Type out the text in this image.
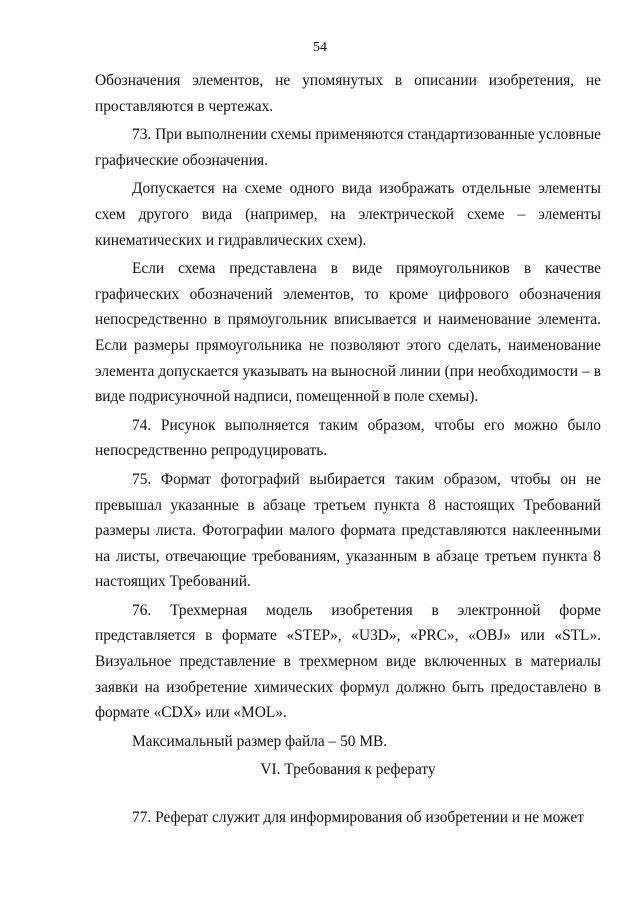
54

Обозначения элементов, не упомянутых в описании изобретения, не проставляются в чертежах.

73. При выполнении схемы применяются стандартизованные условные графические обозначения.

Допускается на схеме одного вида изображать отдельные элементы схем другого вида (например, на электрической схеме – элементы кинематических и гидравлических схем).

Если схема представлена в виде прямоугольников в качестве графических обозначений элементов, то кроме цифрового обозначения непосредственно в прямоугольник вписывается и наименование элемента. Если размеры прямоугольника не позволяют этого сделать, наименование элемента допускается указывать на выносной линии (при необходимости – в виде подрисуночной надписи, помещенной в поле схемы).

74. Рисунок выполняется таким образом, чтобы его можно было непосредственно репродуцировать.

75. Формат фотографий выбирается таким образом, чтобы он не превышал указанные в абзаце третьем пункта 8 настоящих Требований размеры листа. Фотографии малого формата представляются наклеенными на листы, отвечающие требованиям, указанным в абзаце третьем пункта 8 настоящих Требований.

76. Трехмерная модель изобретения в электронной форме представляется в формате «STEP», «U3D», «PRC», «OBJ» или «STL». Визуальное представление в трехмерном виде включенных в материалы заявки на изобретение химических формул должно быть предоставлено в формате «CDX» или «MOL».

Максимальный размер файла – 50 MB.

VI. Требования к реферату

77. Реферат служит для информирования об изобретении и не может
